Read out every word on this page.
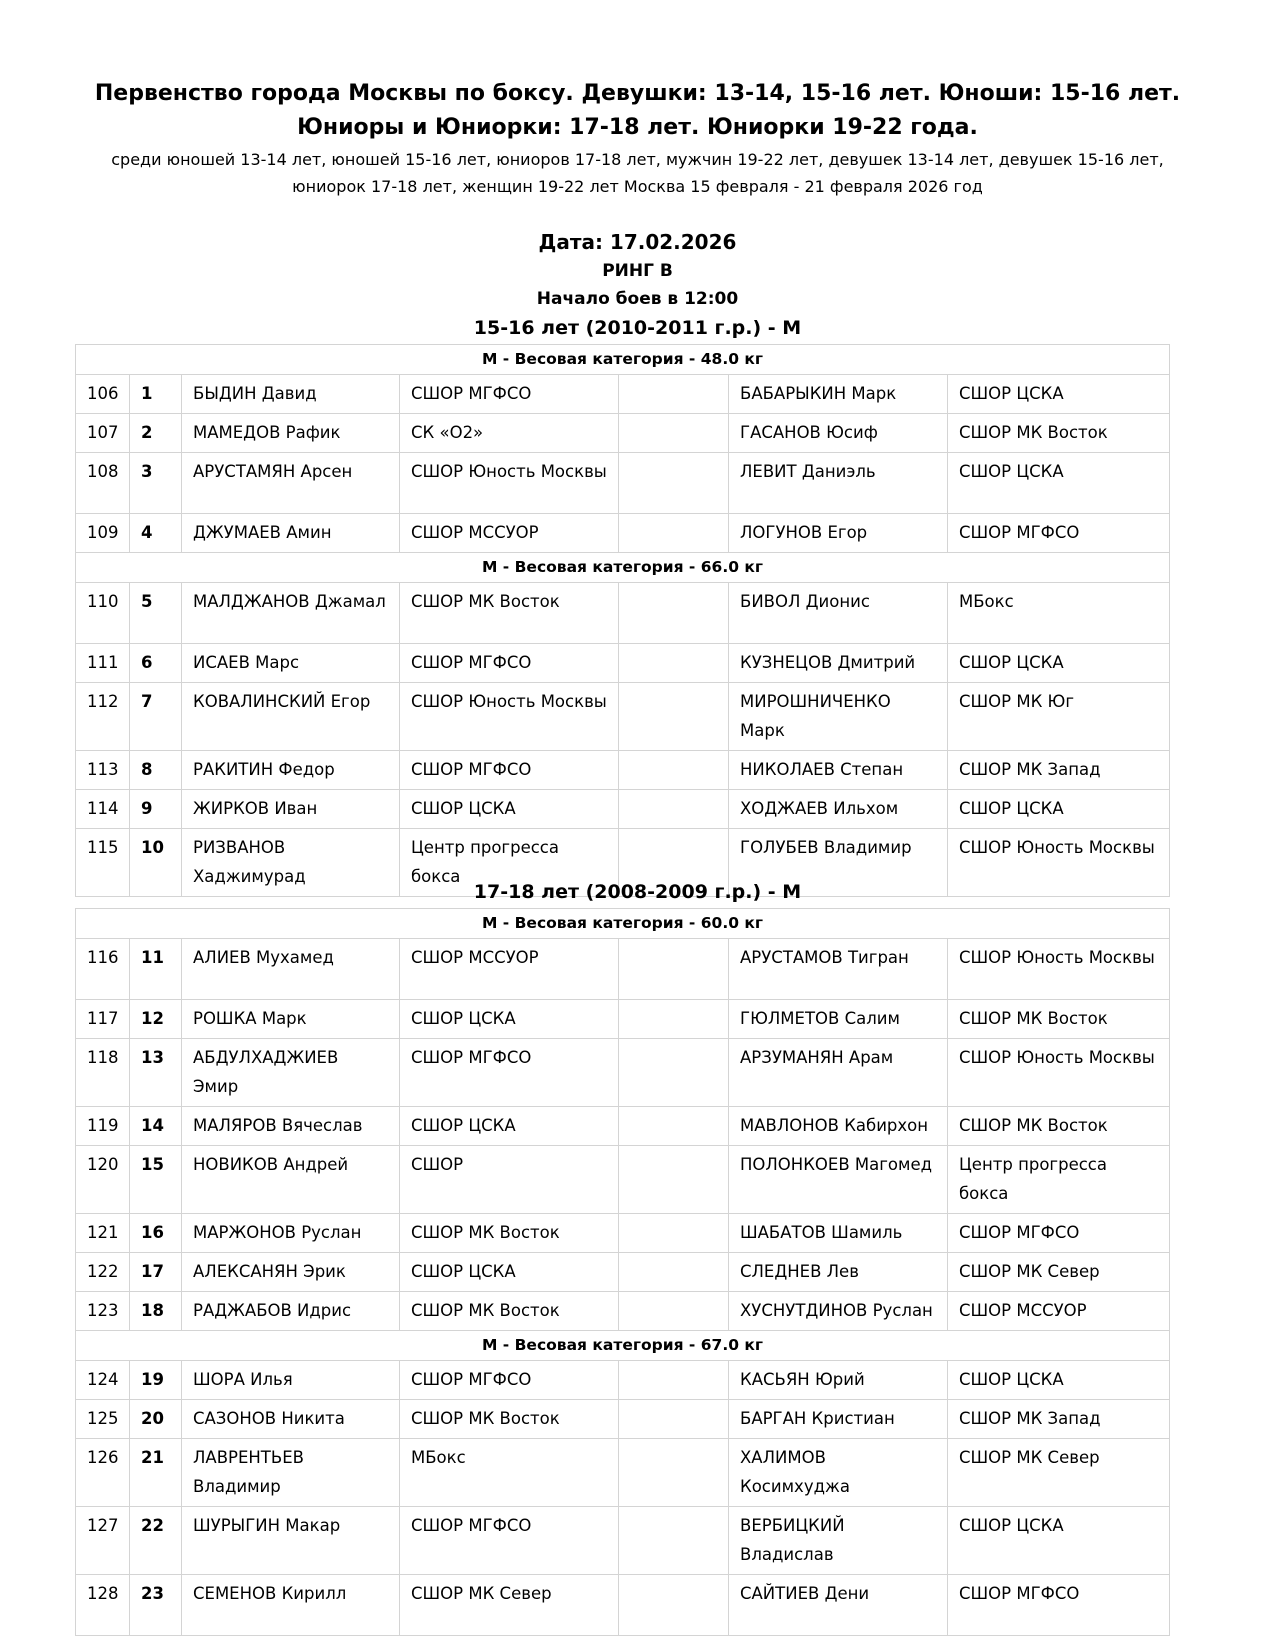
Первенство города Москвы по боксу. Девушки: 13-14, 15-16 лет. Юноши: 15-16 лет.
Юниоры и Юниорки: 17-18 лет. Юниорки 19-22 года.
среди юношей 13-14 лет, юношей 15-16 лет, юниоров 17-18 лет, мужчин 19-22 лет, девушек 13-14 лет, девушек 15-16 лет, юниорок 17-18 лет, женщин 19-22 лет Москва 15 февраля - 21 февраля 2026 год
Дата: 17.02.2026
РИНГ B
Начало боев в 12:00
15-16 лет (2010-2011 г.р.) - М
М - Весовая категория - 48.0 кг						
106	1	БЫДИН Давид	СШОР МГФСО		БАБАРЫКИН Марк	СШОР ЦСКА
107	2	МАМЕДОВ Рафик	СК «О2»		ГАСАНОВ Юсиф	СШОР МК Восток
108	3	АРУСТАМЯН Арсен	СШОР Юность Москвы		ЛЕВИТ Даниэль	СШОР ЦСКА
109	4	ДЖУМАЕВ Амин	СШОР МССУОР		ЛОГУНОВ Егор	СШОР МГФСО
М - Весовая категория - 66.0 кг						
110	5	МАЛДЖАНОВ Джамал	СШОР МК Восток		БИВОЛ Дионис	МБокс
111	6	ИСАЕВ Марс	СШОР МГФСО		КУЗНЕЦОВ Дмитрий	СШОР ЦСКА
112	7	КОВАЛИНСКИЙ Егор	СШОР Юность Москвы		МИРОШНИЧЕНКО Марк	СШОР МК Юг
113	8	РАКИТИН Федор	СШОР МГФСО		НИКОЛАЕВ Степан	СШОР МК Запад
114	9	ЖИРКОВ Иван	СШОР ЦСКА		ХОДЖАЕВ Ильхом	СШОР ЦСКА
115	10	РИЗВАНОВ Хаджимурад	Центр прогресса бокса		ГОЛУБЕВ Владимир	СШОР Юность Москвы
17-18 лет (2008-2009 г.р.) - М
М - Весовая категория - 60.0 кг						
116	11	АЛИЕВ Мухамед	СШОР МССУОР		АРУСТАМОВ Тигран	СШОР Юность Москвы
117	12	РОШКА Марк	СШОР ЦСКА		ГЮЛМЕТОВ Салим	СШОР МК Восток
118	13	АБДУЛХАДЖИЕВ Эмир	СШОР МГФСО		АРЗУМАНЯН Арам	СШОР Юность Москвы
119	14	МАЛЯРОВ Вячеслав	СШОР ЦСКА		МАВЛОНОВ Кабирхон	СШОР МК Восток
120	15	НОВИКОВ Андрей	СШОР		ПОЛОНКОЕВ Магомед	Центр прогресса бокса
121	16	МАРЖОНОВ Руслан	СШОР МК Восток		ШАБАТОВ Шамиль	СШОР МГФСО
122	17	АЛЕКСАНЯН Эрик	СШОР ЦСКА		СЛЕДНЕВ Лев	СШОР МК Север
123	18	РАДЖАБОВ Идрис	СШОР МК Восток		ХУСНУТДИНОВ Руслан	СШОР МССУОР
М - Весовая категория - 67.0 кг						
124	19	ШОРА Илья	СШОР МГФСО		КАСЬЯН Юрий	СШОР ЦСКА
125	20	САЗОНОВ Никита	СШОР МК Восток		БАРГАН Кристиан	СШОР МК Запад
126	21	ЛАВРЕНТЬЕВ Владимир	МБокс		ХАЛИМОВ Косимхуджа	СШОР МК Север
127	22	ШУРЫГИН Макар	СШОР МГФСО		ВЕРБИЦКИЙ Владислав	СШОР ЦСКА
128	23	СЕМЕНОВ Кирилл	СШОР МК Север		САЙТИЕВ Дени	СШОР МГФСО
